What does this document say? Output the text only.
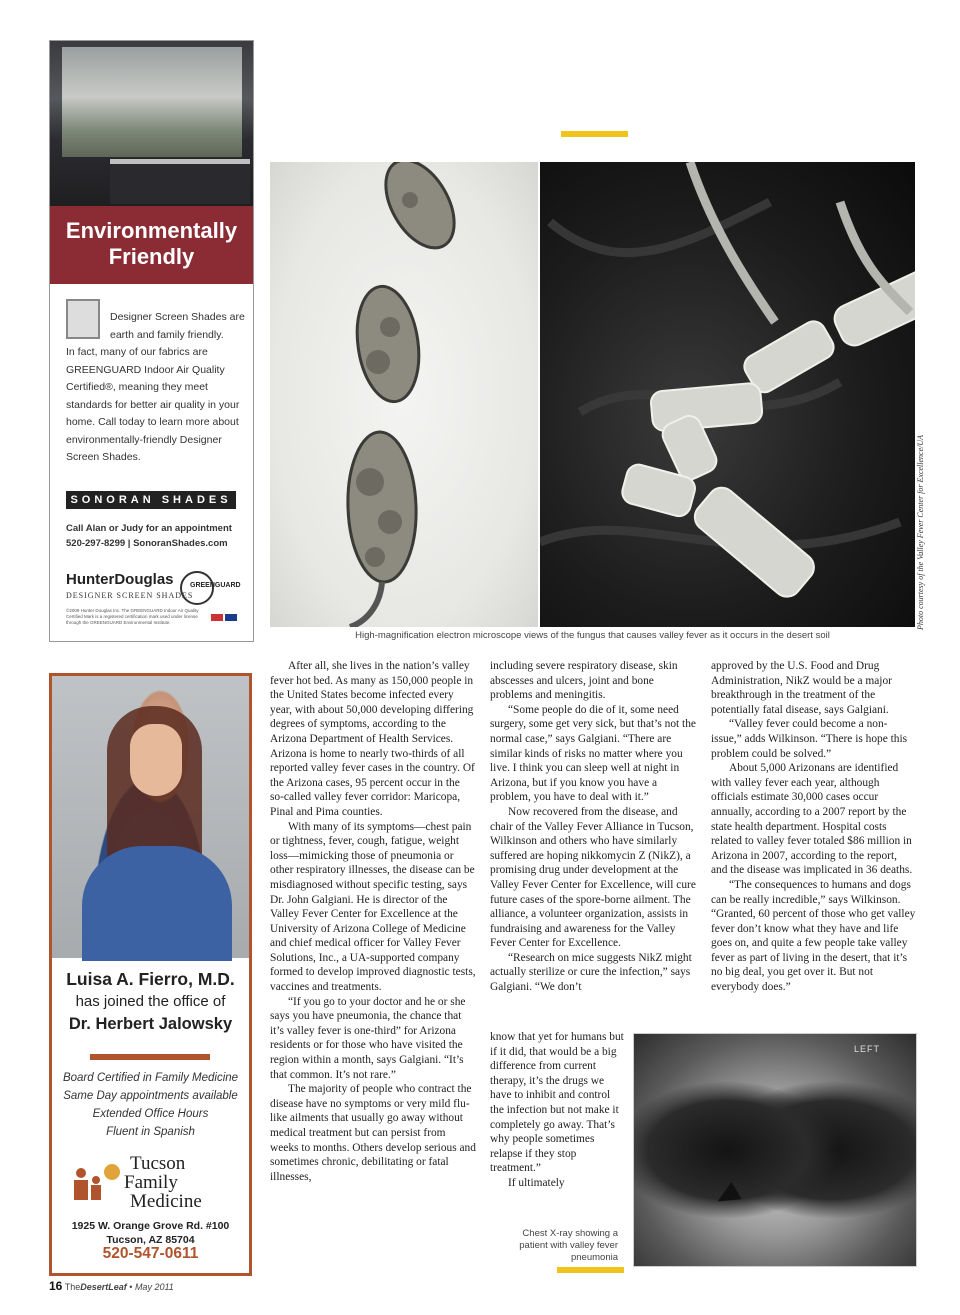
Environmentally Friendly
Designer Screen Shades are earth and family friendly.
In fact, many of our fabrics are GREENGUARD Indoor Air Quality Certified®, meaning they meet standards for better air quality in your home. Call today to learn more about environmentally-friendly Designer Screen Shades.
SONORAN SHADES
Call Alan or Judy for an appointment
520-297-8299 | SonoranShades.com
HunterDouglas
DESIGNER SCREEN SHADES
GREENGUARD
©2009 Hunter Douglas Inc. The GREENGUARD Indoor Air Quality Certified Mark is a registered certification mark used under license through the GREENGUARD Environmental Institute.	Photo courtesy of the Valley Fever Center for Excellence/UA
High-magnification electron microscope views of the fungus that causes valley fever as it occurs in the desert soil
Luisa A. Fierro, M.D.
has joined the office of
Dr. Herbert Jalowsky
Board Certified in Family Medicine
Same Day appointments available
Extended Office Hours
Fluent in Spanish
Tucson
Family
Medicine
1925 W. Orange Grove Rd. #100
Tucson, AZ 85704
520-547-0611

After all, she lives in the nation’s valley fever hot bed. As many as 150,000 people in the United States become infected every year, with about 50,000 developing differing degrees of symptoms, according to the Arizona Department of Health Services. Arizona is home to nearly two-thirds of all reported valley fever cases in the country. Of the Arizona cases, 95 percent occur in the so-called valley fever corridor: Maricopa, Pinal and Pima counties.

With many of its symptoms—chest pain or tightness, fever, cough, fatigue, weight loss—mimicking those of pneumonia or other respiratory illnesses, the disease can be misdiagnosed without specific testing, says Dr. John Galgiani. He is director of the Valley Fever Center for Excellence at the University of Arizona College of Medicine and chief medical officer for Valley Fever Solutions, Inc., a UA-supported company formed to develop improved diagnostic tests, vaccines and treatments.

“If you go to your doctor and he or she says you have pneumonia, the chance that it’s valley fever is one-third” for Arizona residents or for those who have visited the region within a month, says Galgiani. “It’s that common. It’s not rare.”

The majority of people who contract the disease have no symptoms or very mild flu-like ailments that usually go away without medical treatment but can persist from weeks to months. Others develop serious and sometimes chronic, debilitating or fatal illnesses,

including severe respiratory disease, skin abscesses and ulcers, joint and bone problems and meningitis.

“Some people do die of it, some need surgery, some get very sick, but that’s not the normal case,” says Galgiani. “There are similar kinds of risks no matter where you live. I think you can sleep well at night in Arizona, but if you know you have a problem, you have to deal with it.”

Now recovered from the disease, and chair of the Valley Fever Alliance in Tucson, Wilkinson and others who have similarly suffered are hoping nikkomycin Z (NikZ), a promising drug under development at the Valley Fever Center for Excellence, will cure future cases of the spore-borne ailment. The alliance, a volunteer organization, assists in fundraising and awareness for the Valley Fever Center for Excellence.

“Research on mice suggests NikZ might actually sterilize or cure the infection,” says Galgiani. “We don’t

know that yet for humans but if it did, that would be a big difference from current therapy, it’s the drugs we have to inhibit and control the infection but not make it completely go away. That’s why people sometimes relapse if they stop treatment.”

If ultimately

approved by the U.S. Food and Drug Administration, NikZ would be a major breakthrough in the treatment of the potentially fatal disease, says Galgiani.

“Valley fever could become a non-issue,” adds Wilkinson. “There is hope this problem could be solved.”

About 5,000 Arizonans are identified with valley fever each year, although officials estimate 30,000 cases occur annually, according to a 2007 report by the state health department. Hospital costs related to valley fever totaled $86 million in Arizona in 2007, according to the report, and the disease was implicated in 36 deaths.

“The consequences to humans and dogs can be really incredible,” says Wilkinson. “Granted, 60 percent of those who get valley fever don’t know what they have and life goes on, and quite a few people take valley fever as part of living in the desert, that it’s no big deal, you get over it. But not everybody does.”

LEFT
Chest X-ray showing a patient with valley fever pneumonia
16 TheDesertLeaf • May 2011
